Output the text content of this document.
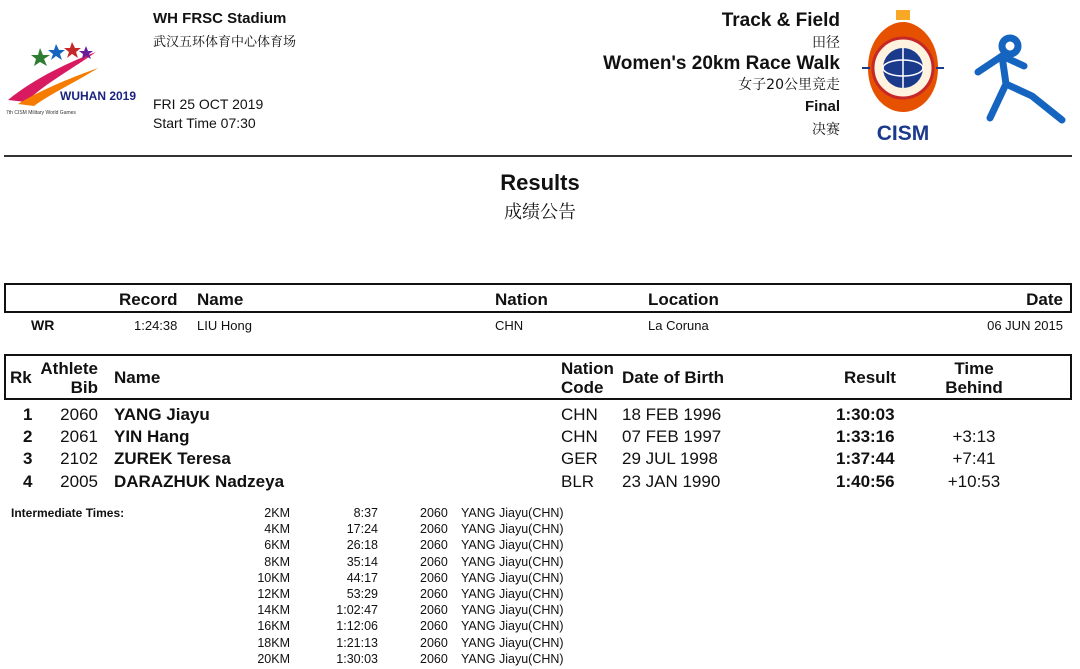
WUHAN 2019
7th CISM Military World Games
WH FRSC Stadium
武汉五环体育中心体育场
FRI 25 OCT 2019
Start Time 07:30
Track & Field
田径
Women's 20km Race Walk
女子20公里竞走
Final
决赛 CISM
Results
成绩公告
Record Name	Nation	Location	Date
WR	1:24:38 LIU Hong	CHN	La Coruna	06 JUN 2015
Rk Athlete
Bib
Name	Nation
Code
Date of Birth	Result	Time
Behind
1	2060 YANG Jiayu	CHN 18 FEB 1996	1:30:03
2	2061 YIN Hang	CHN 07 FEB 1997	1:33:16	+3:13
3	2102 ZUREK Teresa	GER 29 JUL 1998	1:37:44	+7:41
4	2005 DARAZHUK Nadzeya	BLR 23 JAN 1990	1:40:56	+10:53
Intermediate Times:	2KM	8:37	2060 YANG Jiayu(CHN)
4KM	17:24	2060 YANG Jiayu(CHN)
6KM	26:18	2060 YANG Jiayu(CHN)
8KM	35:14	2060 YANG Jiayu(CHN)
10KM	44:17	2060 YANG Jiayu(CHN)
12KM	53:29	2060 YANG Jiayu(CHN)
14KM	1:02:47	2060 YANG Jiayu(CHN)
16KM	1:12:06	2060 YANG Jiayu(CHN)
18KM	1:21:13	2060 YANG Jiayu(CHN)
20KM	1:30:03	2060 YANG Jiayu(CHN)
